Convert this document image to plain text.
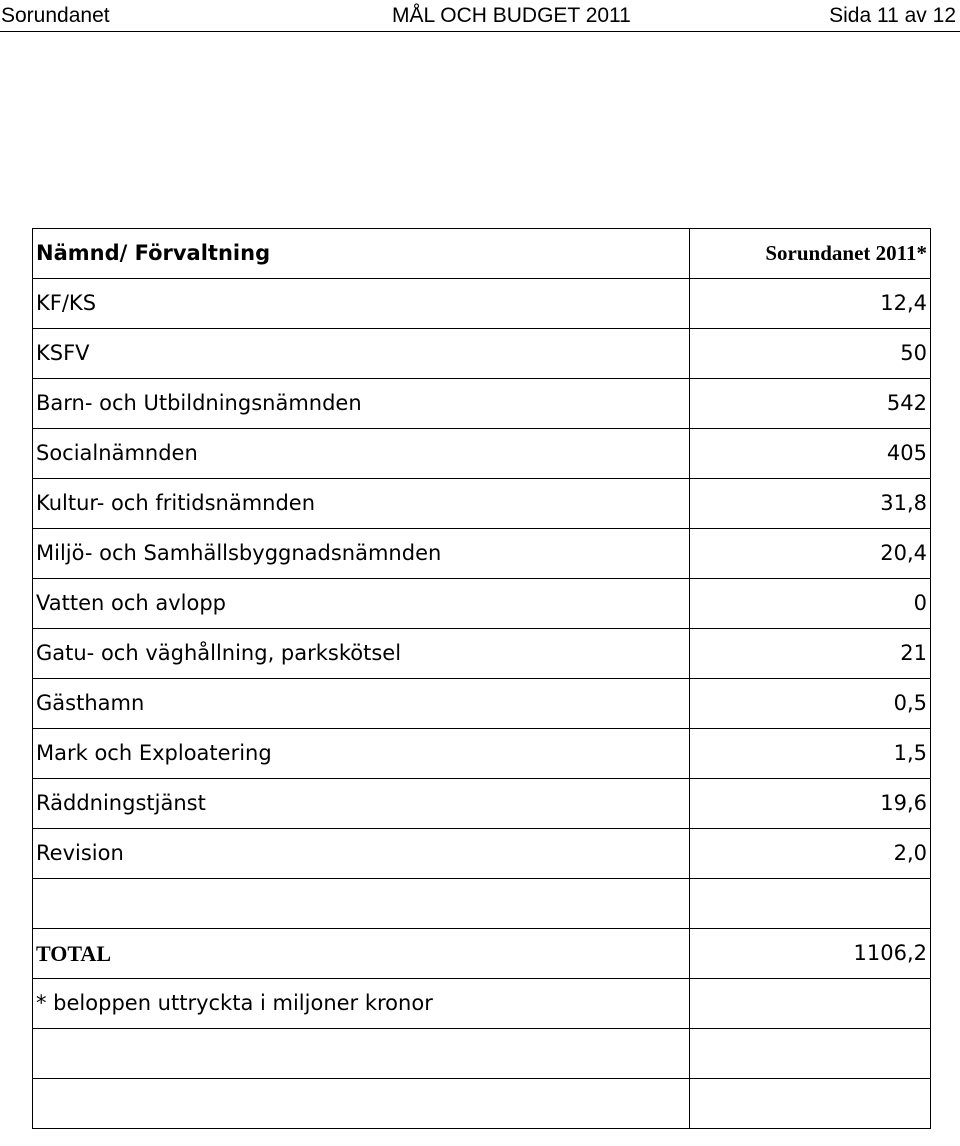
Sorundanet	MÅL OCH BUDGET 2011	Sida 11 av 12
Nämnd/ Förvaltning	Sorundanet 2011*
KF/KS	12,4
KSFV	50
Barn- och Utbildningsnämnden	542
Socialnämnden	405
Kultur- och fritidsnämnden	31,8
Miljö- och Samhällsbyggnadsnämnden	20,4
Vatten och avlopp	0
Gatu- och väghållning, parkskötsel	21
Gästhamn	0,5
Mark och Exploatering	1,5
Räddningstjänst	19,6
Revision	2,0

TOTAL	1106,2
* beloppen uttryckta i miljoner kronor	
